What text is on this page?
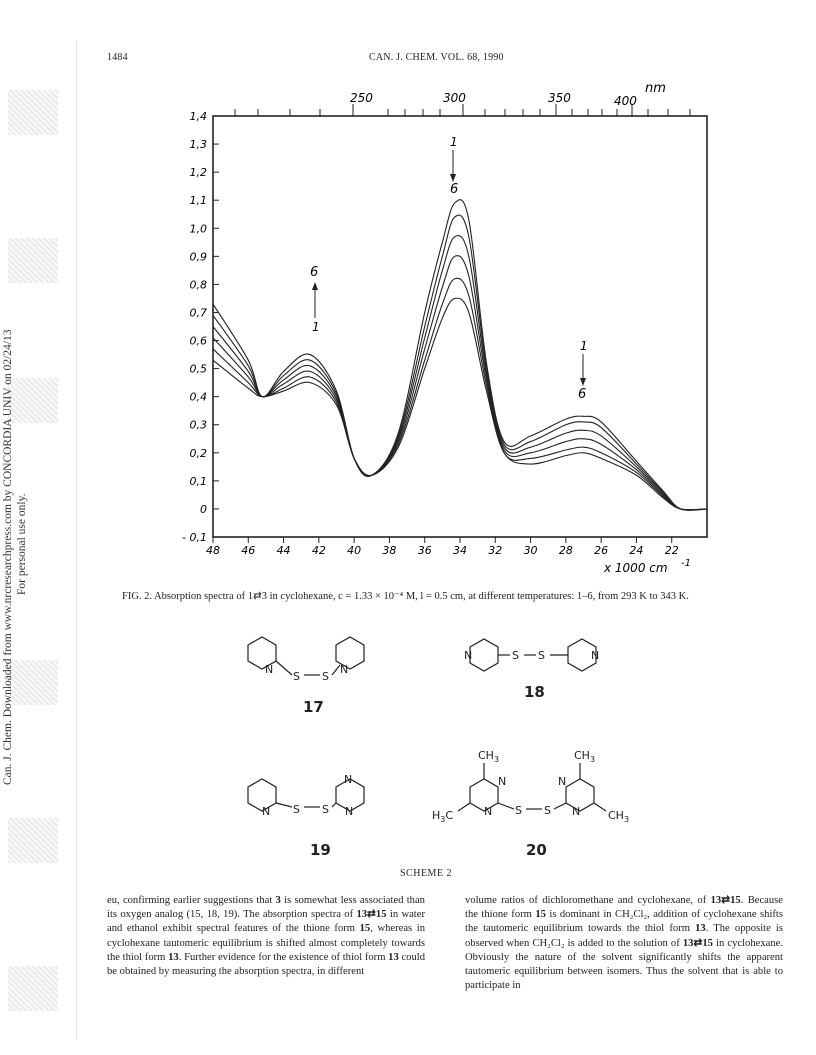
Can. J. Chem. Downloaded from www.nrcresearchpress.com by CONCORDIA UNIV on 02/24/13 For personal use only.
1484	CAN. J. CHEM. VOL. 68, 1990
250	300	350	400
nm
1,4
1,3
1,2
1,1
1,0
0,9
0,8
0,7
0,6
0,5
0,4
0,3
0,2
0,1
0
- 0,1
48 46 44 42 40 38 36 34 32 30 28 26 24 22
x 1000 cm -1
6
1
1
6
1
6
FIG. 2. Absorption spectra of 1⇄3 in cyclohexane, c = 1.33 × 10⁻⁴ M, l = 0.5 cm, at different temperatures: 1–6, from 293 K to 343 K.
N	N
S S
17
N	N
S S
18
N
N
N
S S
19
$CH_3$	$CH_3$
$H_3C$	$CH_3$
N
N
N
N
S S
20
SCHEME 2
eu, confirming earlier suggestions that 3 is somewhat less associated than its oxygen analog (15, 18, 19). The absorption spectra of 13⇄15 in water and ethanol exhibit spectral features of the thione form 15, whereas in cyclohexane tautomeric equilibrium is shifted almost completely towards the thiol form 13. Further evidence for the existence of thiol form 13 could be obtained by measuring the absorption spectra, in different
volume ratios of dichloromethane and cyclohexane, of 13⇄15. Because the thione form 15 is dominant in CH₂Cl₂, addition of cyclohexane shifts the tautomeric equilibrium towards the thiol form 13. The opposite is observed when CH₂Cl₂ is added to the solution of 13⇄15 in cyclohexane. Obviously the nature of the solvent significantly shifts the apparent tautomeric equilibrium between isomers. Thus the solvent that is able to participate in
